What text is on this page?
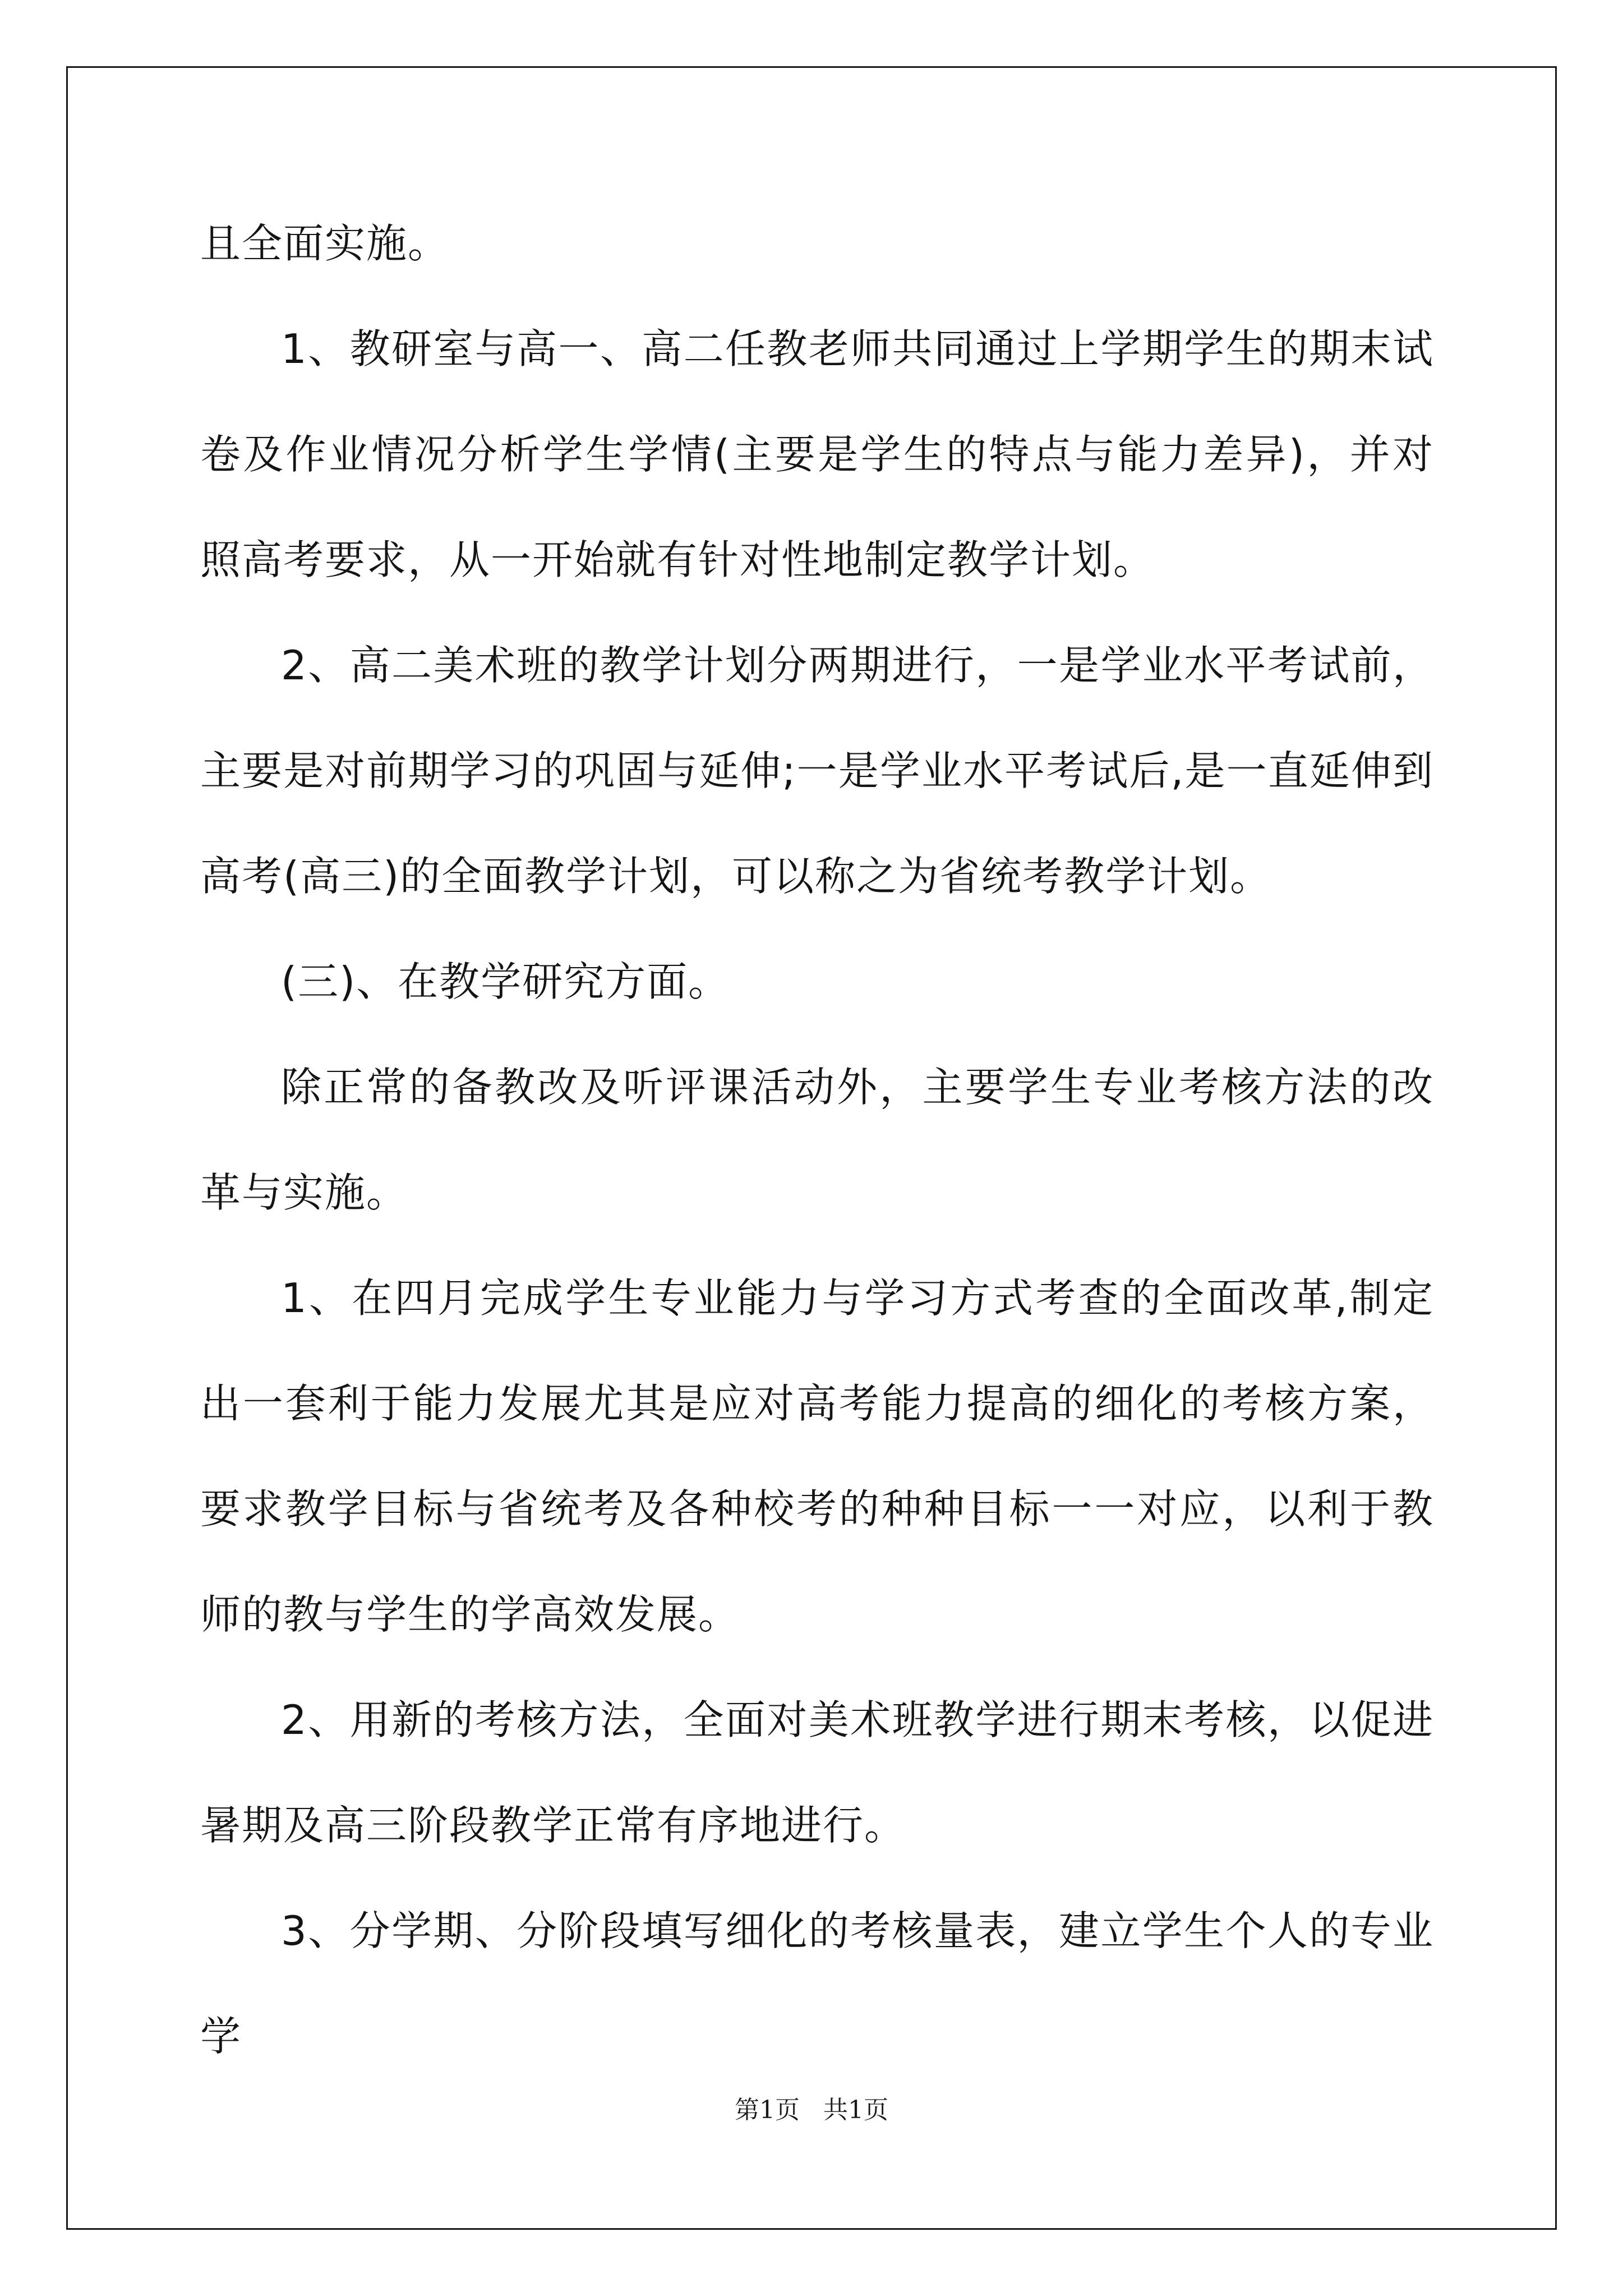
且全面实施。

1、教研室与高一、高二任教老师共同通过上学期学生的期末试卷及作业情况分析学生学情(主要是学生的特点与能力差异)，并对照高考要求，从一开始就有针对性地制定教学计划。

2、高二美术班的教学计划分两期进行，一是学业水平考试前，主要是对前期学习的巩固与延伸;一是学业水平考试后,是一直延伸到高考(高三)的全面教学计划，可以称之为省统考教学计划。

(三)、在教学研究方面。

除正常的备教改及听评课活动外，主要学生专业考核方法的改革与实施。

1、在四月完成学生专业能力与学习方式考查的全面改革,制定出一套利于能力发展尤其是应对高考能力提高的细化的考核方案，要求教学目标与省统考及各种校考的种种目标一一对应，以利于教师的教与学生的学高效发展。

2、用新的考核方法，全面对美术班教学进行期末考核，以促进暑期及高三阶段教学正常有序地进行。

3、分学期、分阶段填写细化的考核量表，建立学生个人的专业学

第1页   共1页
